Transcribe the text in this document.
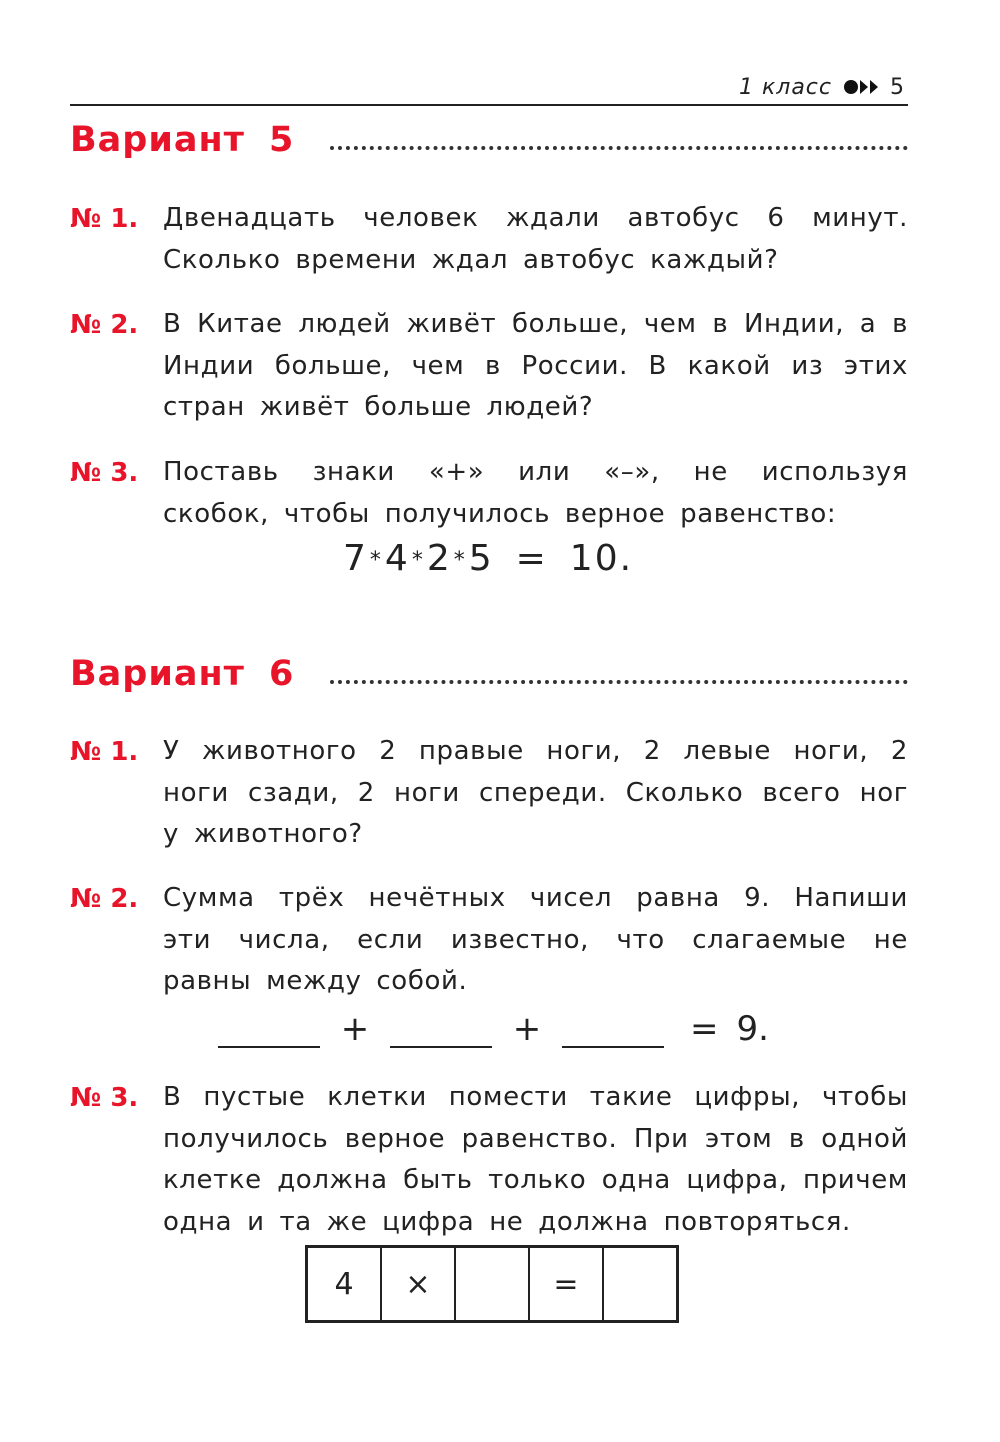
1 класс	5
Вариант 5
№ 1. Двенадцать человек ждали автобус 6 минут. Сколько времени ждал автобус каждый?
№ 2. В Китае людей живёт больше, чем в Индии, а в Индии больше, чем в России. В какой из этих стран живёт больше людей?
№ 3. Поставь знаки «+» или «–», не используя скобок, чтобы получилось верное равенство:
7*4*2*5 = 10.
Вариант 6
№ 1. У животного 2 правые ноги, 2 левые ноги, 2 ноги сзади, 2 ноги спереди. Сколько всего ног у животного?
№ 2. Сумма трёх нечётных чисел равна 9. Напиши эти числа, если известно, что слагаемые не равны между собой.
+	+	= 9.
№ 3. В пустые клетки помести такие цифры, чтобы получилось верное равенство. При этом в одной клетке должна быть только одна цифра, причем одна и та же цифра не должна повторяться.
4	×	=
